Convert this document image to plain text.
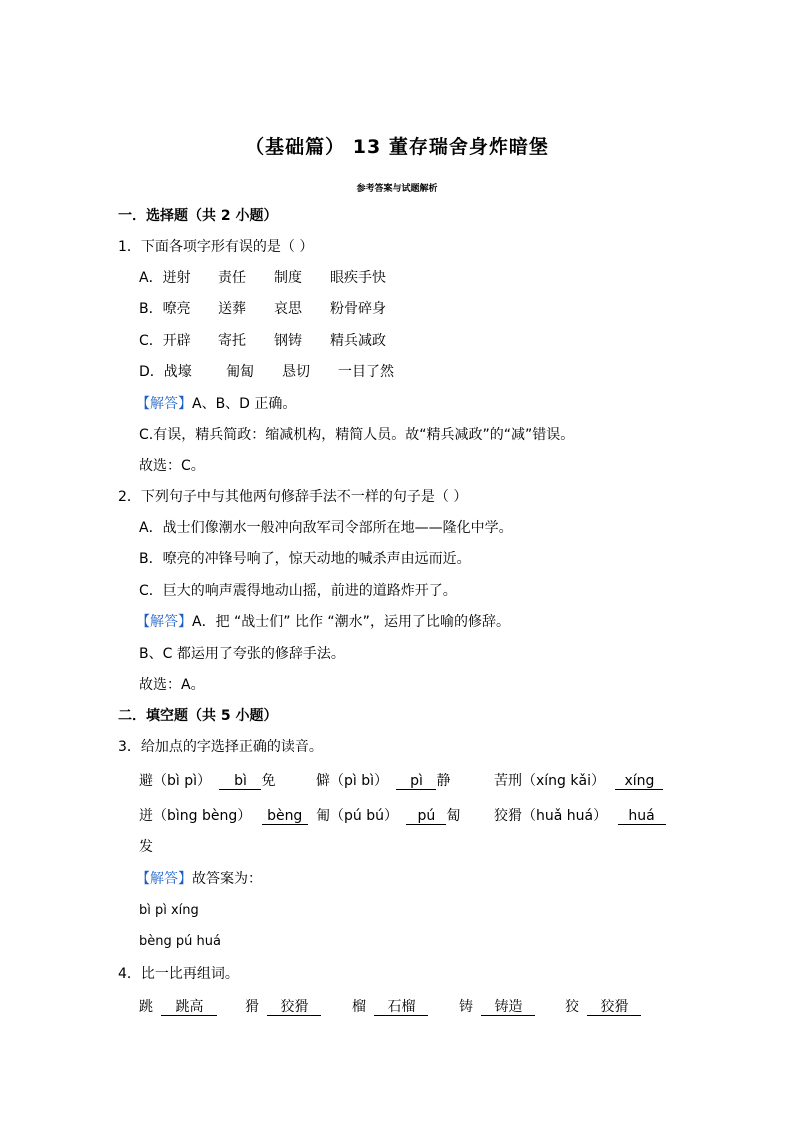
（基础篇） 13 董存瑞舍身炸暗堡
参考答案与试题解析
一．选择题（共 2 小题）
1．下面各项字形有误的是（ ）
A．迸射 责任 制度 眼疾手快
B．嘹亮 送葬 哀思 粉骨碎身
C．开辟 寄托 钢铸 精兵减政
D．战壕 匍匐 恳切 一目了然
【解答】A、B、D 正确。
C.有误，精兵简政：缩减机构，精简人员。故“精兵减政”的“减”错误。
故选：C。
2．下列句子中与其他两句修辞手法不一样的句子是（ ）
A．战士们像潮水一般冲向敌军司令部所在地——隆化中学。
B．嘹亮的冲锋号响了，惊天动地的喊杀声由远而近。
C．巨大的响声震得地动山摇，前进的道路炸开了。
【解答】A．把 “战士们” 比作 “潮水”，运用了比喻的修辞。
B、C 都运用了夸张的修辞手法。
故选：A。
二．填空题（共 5 小题）
3．给加点的字选择正确的读音。
避（bì pì） bì 免	僻（pì bì） pì 静	苦刑（xíng kǎi） xíng
迸（bìng bèng） bèng 匍（pú bú） pú 匐 狡猾（huǎ huá） huá
发
【解答】故答案为：
bì pì xíng
bèng pú huá
4．比一比再组词。
跳 跳高	猾 狡猾	榴 石榴	铸 铸造	狡 狡猾
